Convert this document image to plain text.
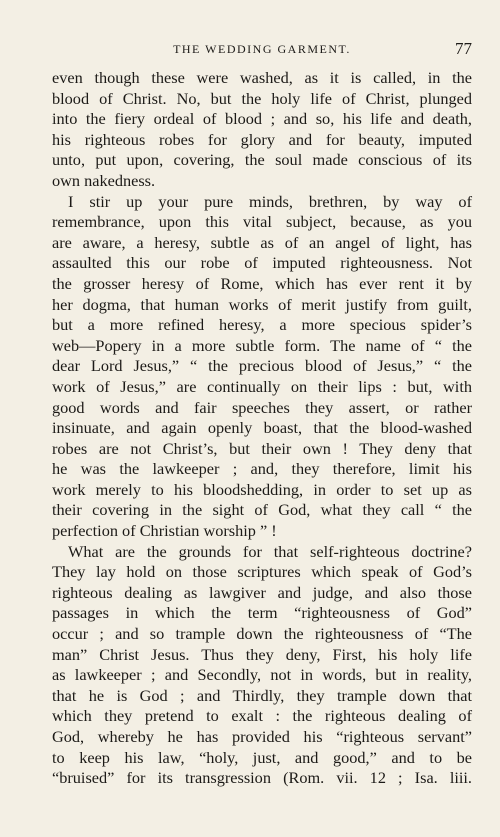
THE WEDDING GARMENT.	77
even though these were washed, as it is called, in the
blood of Christ. No, but the holy life of Christ, plunged
into the fiery ordeal of blood ; and so, his life and death,
his righteous robes for glory and for beauty, imputed
unto, put upon, covering, the soul made conscious of its
own nakedness.
I stir up your pure minds, brethren, by way of
remembrance, upon this vital subject, because, as you
are aware, a heresy, subtle as of an angel of light, has
assaulted this our robe of imputed righteousness. Not
the grosser heresy of Rome, which has ever rent it by
her dogma, that human works of merit justify from guilt,
but a more refined heresy, a more specious spider’s
web—Popery in a more subtle form. The name of “ the
dear Lord Jesus,” “ the precious blood of Jesus,” “ the
work of Jesus,” are continually on their lips : but, with
good words and fair speeches they assert, or rather
insinuate, and again openly boast, that the blood-washed
robes are not Christ’s, but their own ! They deny that
he was the lawkeeper ; and, they therefore, limit his
work merely to his bloodshedding, in order to set up as
their covering in the sight of God, what they call “ the
perfection of Christian worship ” !
What are the grounds for that self-righteous doctrine?
They lay hold on those scriptures which speak of God’s
righteous dealing as lawgiver and judge, and also those
passages in which the term “righteousness of God”
occur ; and so trample down the righteousness of “The
man” Christ Jesus. Thus they deny, First, his holy life
as lawkeeper ; and Secondly, not in words, but in reality,
that he is God ; and Thirdly, they trample down that
which they pretend to exalt : the righteous dealing of
God, whereby he has provided his “righteous servant”
to keep his law, “holy, just, and good,” and to be
“bruised” for its transgression (Rom. vii. 12 ; Isa. liii.
